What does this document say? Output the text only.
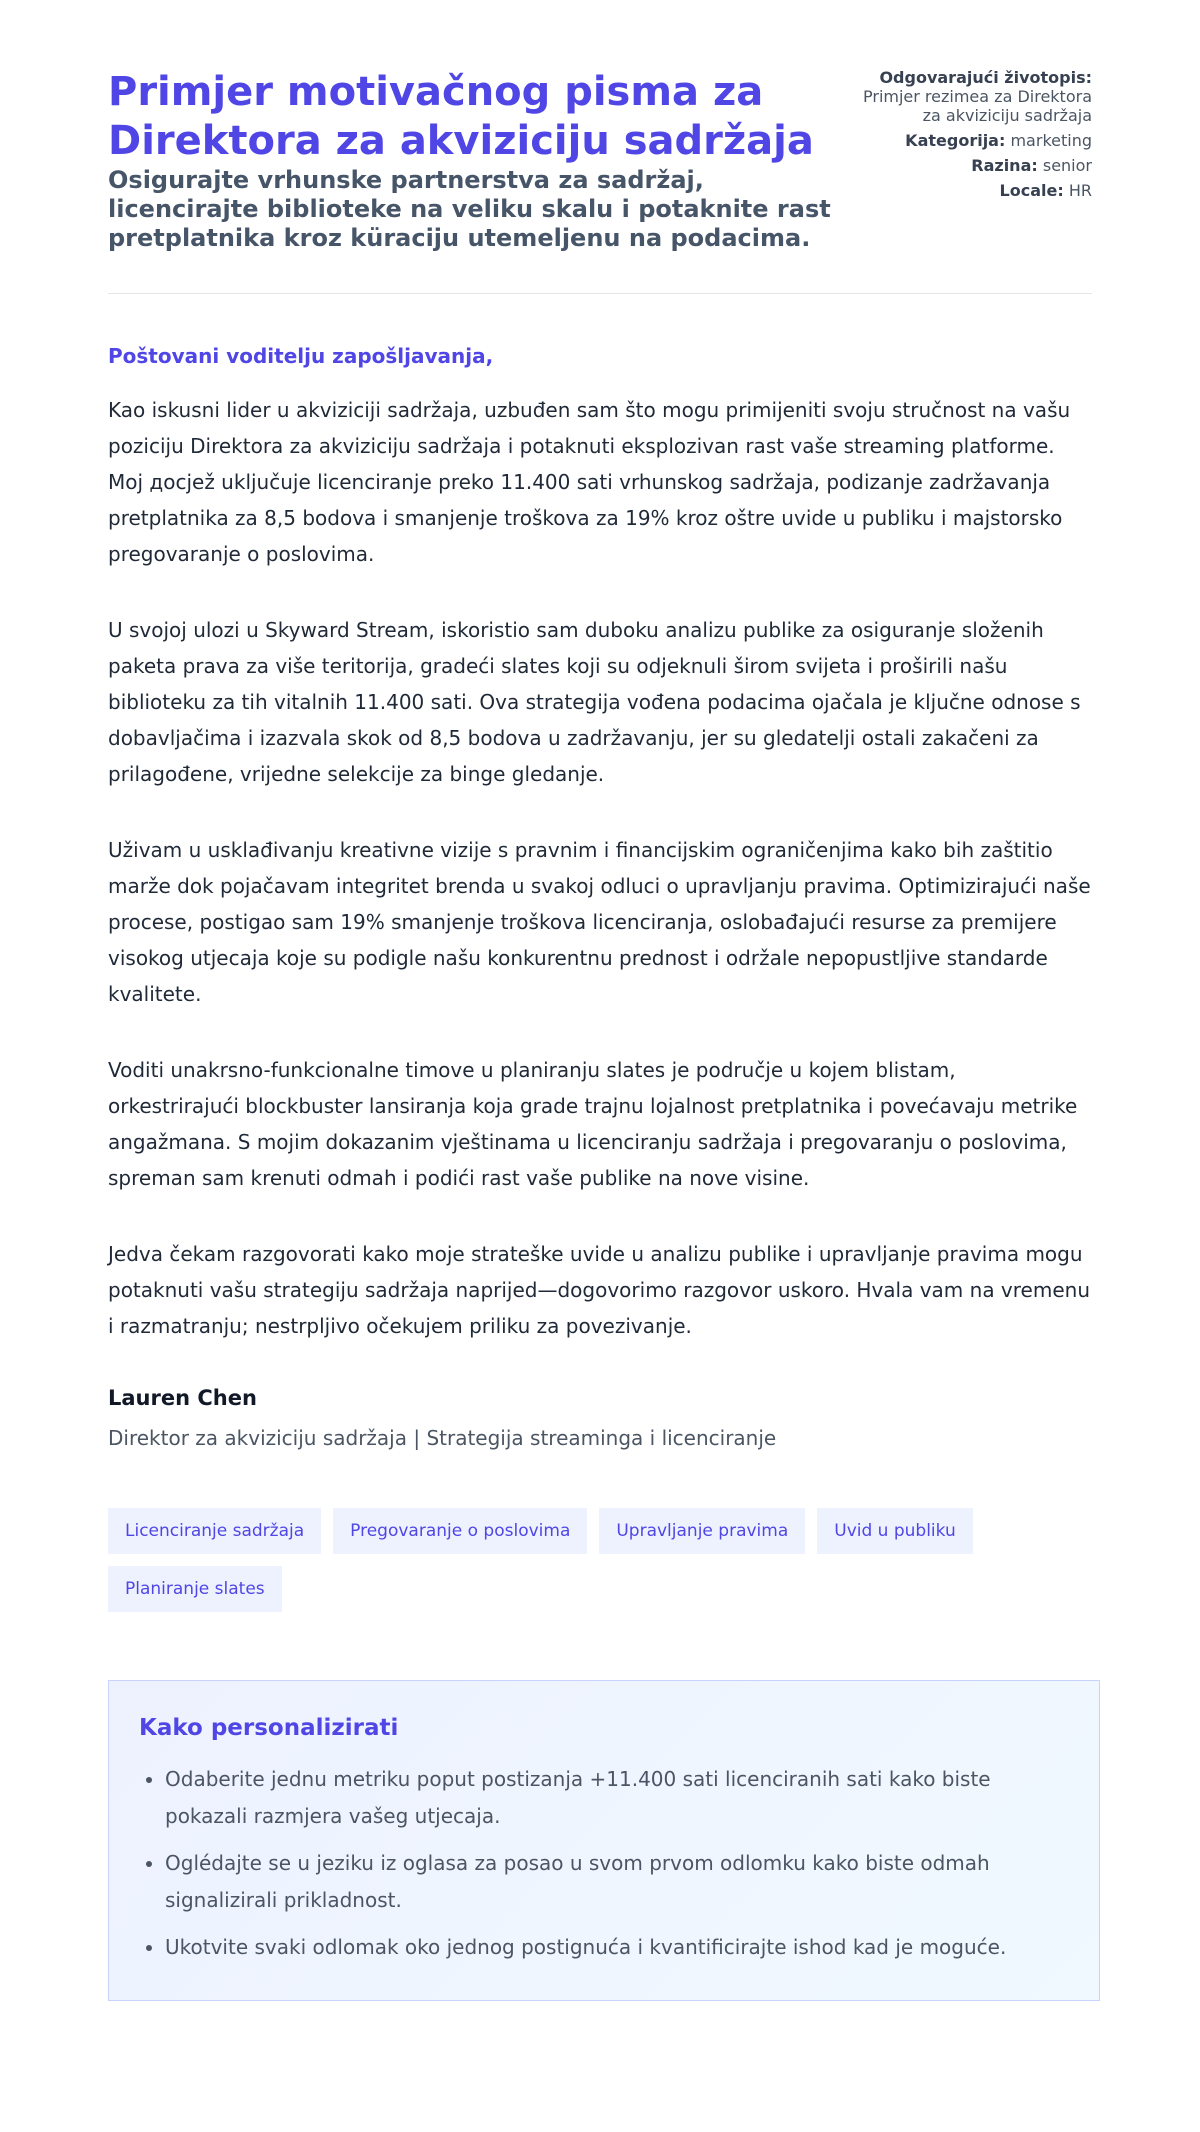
Primjer motivačnog pisma za Direktora za akviziciju sadržaja
Osigurajte vrhunske partnerstva za sadržaj, licencirajte biblioteke na veliku skalu i potaknite rast pretplatnika kroz küraciju utemeljenu na podacima.
Odgovarajući životopis: Primjer rezimea za Direktora za akviziciju sadržaja
Kategorija: marketing
Razina: senior
Locale: HR
Poštovani voditelju zapošljavanja,

Kao iskusni lider u akviziciji sadržaja, uzbuđen sam što mogu primijeniti svoju stručnost na vašu poziciju Direktora za akviziciju sadržaja i potaknuti eksplozivan rast vaše streaming platforme. Moj досјеž uključuje licenciranje preko 11.400 sati vrhunskog sadržaja, podizanje zadržavanja pretplatnika za 8,5 bodova i smanjenje troškova za 19% kroz oštre uvide u publiku i majstorsko pregovaranje o poslovima.

U svojoj ulozi u Skyward Stream, iskoristio sam duboku analizu publike za osiguranje složenih paketa prava za više teritorija, gradeći slates koji su odjeknuli širom svijeta i proširili našu biblioteku za tih vitalnih 11.400 sati. Ova strategija vođena podacima ojačala je ključne odnose s dobavljačima i izazvala skok od 8,5 bodova u zadržavanju, jer su gledatelji ostali zakačeni za prilagođene, vrijedne selekcije za binge gledanje.

Uživam u usklađivanju kreativne vizije s pravnim i financijskim ograničenjima kako bih zaštitio marže dok pojačavam integritet brenda u svakoj odluci o upravljanju pravima. Optimizirajući naše procese, postigao sam 19% smanjenje troškova licenciranja, oslobađajući resurse za premijere visokog utjecaja koje su podigle našu konkurentnu prednost i održale nepopustljive standarde kvalitete.

Voditi unakrsno-funkcionalne timove u planiranju slates je područje u kojem blistam, orkestrirajući blockbuster lansiranja koja grade trajnu lojalnost pretplatnika i povećavaju metrike angažmana. S mojim dokazanim vještinama u licenciranju sadržaja i pregovaranju o poslovima, spreman sam krenuti odmah i podići rast vaše publike na nove visine.

Jedva čekam razgovorati kako moje strateške uvide u analizu publike i upravljanje pravima mogu potaknuti vašu strategiju sadržaja naprijed—dogovorimo razgovor uskoro. Hvala vam na vremenu i razmatranju; nestrpljivo očekujem priliku za povezivanje.

Lauren Chen
Direktor za akviziciju sadržaja | Strategija streaminga i licenciranje
Licenciranje sadržaja	Pregovaranje o poslovima	Upravljanje pravima	Uvid u publiku
Planiranje slates
Kako personalizirati
• Odaberite jednu metriku poput postizanja +11.400 sati licenciranih sati kako biste pokazali razmjera vašeg utjecaja.
• Oglédajte se u jeziku iz oglasa za posao u svom prvom odlomku kako biste odmah signalizirali prikladnost.
• Ukotvite svaki odlomak oko jednog postignuća i kvantificirajte ishod kad je moguće.
